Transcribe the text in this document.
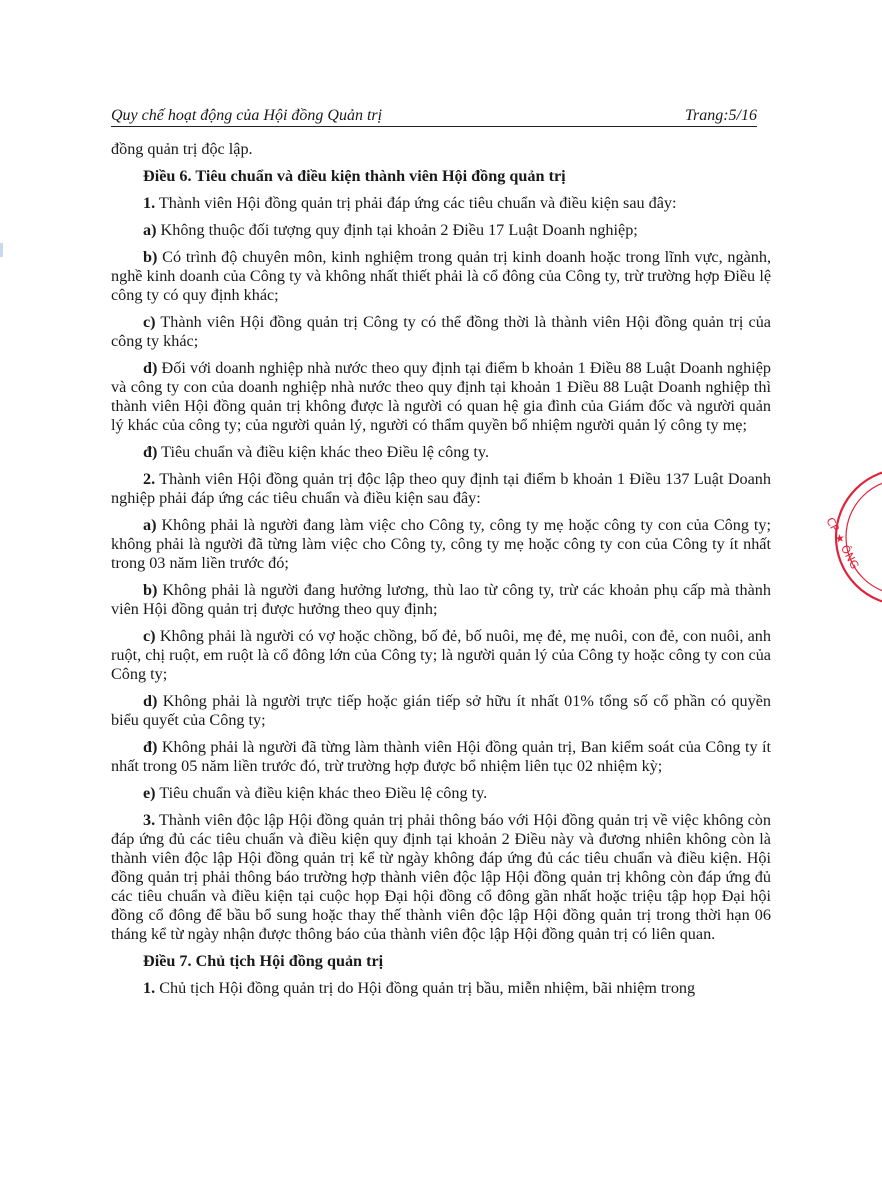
Quy chế hoạt động của Hội đồng Quản trị	Trang:5/16

đồng quản trị độc lập.

Điều 6. Tiêu chuẩn và điều kiện thành viên Hội đồng quản trị

1. Thành viên Hội đồng quản trị phải đáp ứng các tiêu chuẩn và điều kiện sau đây:

a) Không thuộc đối tượng quy định tại khoản 2 Điều 17 Luật Doanh nghiệp;

b) Có trình độ chuyên môn, kinh nghiệm trong quản trị kinh doanh hoặc trong lĩnh vực, ngành, nghề kinh doanh của Công ty và không nhất thiết phải là cổ đông của Công ty, trừ trường hợp Điều lệ công ty có quy định khác;

c) Thành viên Hội đồng quản trị Công ty có thể đồng thời là thành viên Hội đồng quản trị của công ty khác;

d) Đối với doanh nghiệp nhà nước theo quy định tại điểm b khoản 1 Điều 88 Luật Doanh nghiệp và công ty con của doanh nghiệp nhà nước theo quy định tại khoản 1 Điều 88 Luật Doanh nghiệp thì thành viên Hội đồng quản trị không được là người có quan hệ gia đình của Giám đốc và người quản lý khác của công ty; của người quản lý, người có thẩm quyền bổ nhiệm người quản lý công ty mẹ;

đ) Tiêu chuẩn và điều kiện khác theo Điều lệ công ty.

2. Thành viên Hội đồng quản trị độc lập theo quy định tại điểm b khoản 1 Điều 137 Luật Doanh nghiệp phải đáp ứng các tiêu chuẩn và điều kiện sau đây:

a) Không phải là người đang làm việc cho Công ty, công ty mẹ hoặc công ty con của Công ty; không phải là người đã từng làm việc cho Công ty, công ty mẹ hoặc công ty con của Công ty ít nhất trong 03 năm liền trước đó;

b) Không phải là người đang hưởng lương, thù lao từ công ty, trừ các khoản phụ cấp mà thành viên Hội đồng quản trị được hưởng theo quy định;

c) Không phải là người có vợ hoặc chồng, bố đẻ, bố nuôi, mẹ đẻ, mẹ nuôi, con đẻ, con nuôi, anh ruột, chị ruột, em ruột là cổ đông lớn của Công ty; là người quản lý của Công ty hoặc công ty con của Công ty;

d) Không phải là người trực tiếp hoặc gián tiếp sở hữu ít nhất 01% tổng số cổ phần có quyền biểu quyết của Công ty;

đ) Không phải là người đã từng làm thành viên Hội đồng quản trị, Ban kiểm soát của Công ty ít nhất trong 05 năm liền trước đó, trừ trường hợp được bổ nhiệm liên tục 02 nhiệm kỳ;

e) Tiêu chuẩn và điều kiện khác theo Điều lệ công ty.

3. Thành viên độc lập Hội đồng quản trị phải thông báo với Hội đồng quản trị về việc không còn đáp ứng đủ các tiêu chuẩn và điều kiện quy định tại khoản 2 Điều này và đương nhiên không còn là thành viên độc lập Hội đồng quản trị kể từ ngày không đáp ứng đủ các tiêu chuẩn và điều kiện. Hội đồng quản trị phải thông báo trường hợp thành viên độc lập Hội đồng quản trị không còn đáp ứng đủ các tiêu chuẩn và điều kiện tại cuộc họp Đại hội đồng cổ đông gần nhất hoặc triệu tập họp Đại hội đồng cổ đông để bầu bổ sung hoặc thay thế thành viên độc lập Hội đồng quản trị trong thời hạn 06 tháng kể từ ngày nhận được thông báo của thành viên độc lập Hội đồng quản trị có liên quan.

Điều 7. Chủ tịch Hội đồng quản trị

1. Chủ tịch Hội đồng quản trị do Hội đồng quản trị bầu, miễn nhiệm, bãi nhiệm trong

CP ★ ÔNG
